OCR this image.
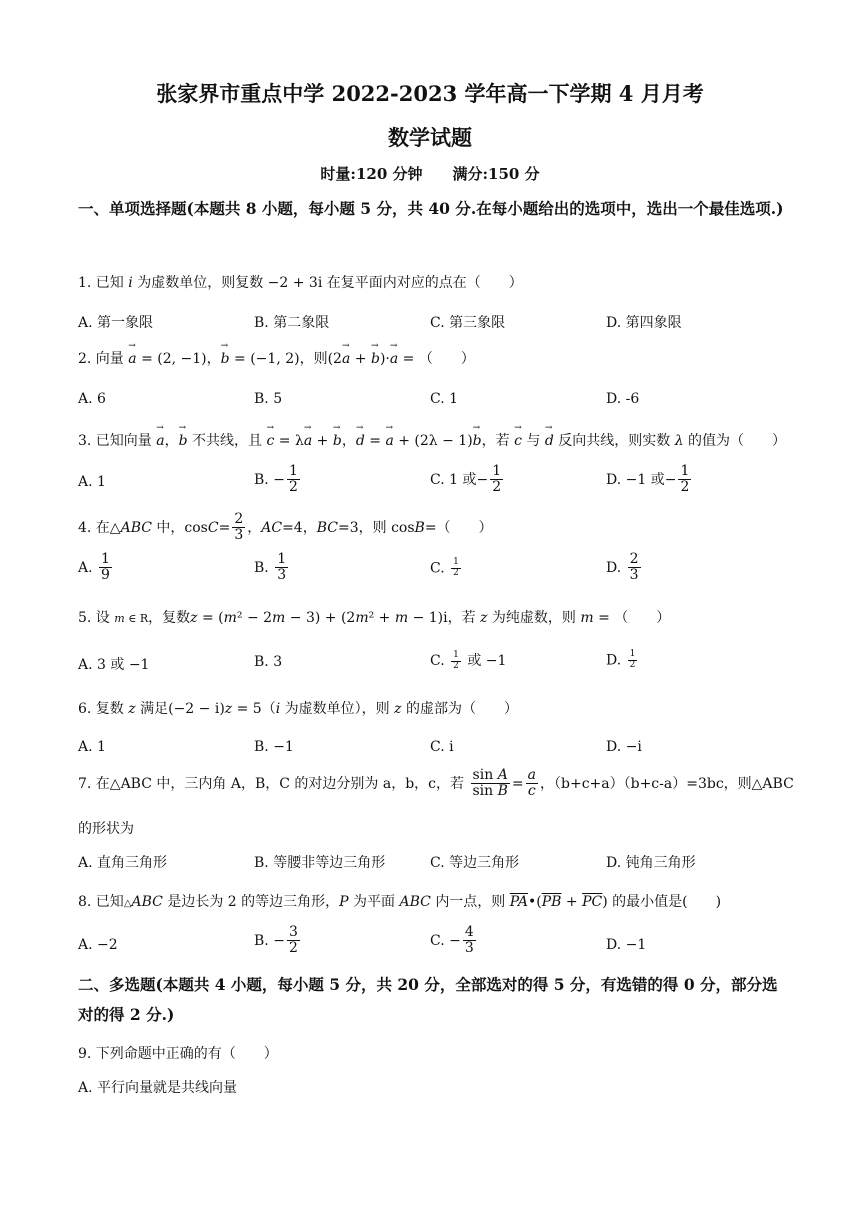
张家界市重点中学 2022-2023 学年高一下学期 4 月月考
数学试题
时量:120 分钟　　满分:150 分
一、单项选择题(本题共 8 小题，每小题 5 分，共 40 分.在每小题给出的选项中，选出一个最佳选项.)
1. 已知 i 为虚数单位，则复数 −2 + 3i 在复平面内对应的点在（　　）
A. 第一象限	B. 第二象限	C. 第三象限	D. 第四象限
2. 向量 → a = (2, −1)，→ b = (−1, 2)，则(2→ a + → b)·→ a = （　　）
A. 6	B. 5	C. 1	D. -6
3. 已知向量 → a，→ b 不共线，且 → c = λ→ a + → b，→ d = → a + (2λ − 1)→ b，若 → c 与 → d 反向共线，则实数 λ 的值为（　　）
A. 1	B. − $\frac{1}{2}$	C. 1 或− $\frac{1}{2}$	D. −1 或− $\frac{1}{2}$
4. 在△ABC 中，$\cos C= \frac{2}{3}$ ，AC=4，BC=3，则 cosB=（　　）
A. $\frac{1}{9}$	B. $\frac{1}{3}$	C. $\frac{1}{2}$	D. $\frac{2}{3}$
5. 设 m ∈ R，复数z = (m² − 2m − 3) + (2m² + m − 1)i，若 z 为纯虚数，则 m = （　　）
A. 3 或 −1	B. 3	C. $\frac{1}{2}$ 或 −1	D. $\frac{1}{2}$
6. 复数 z 满足(−2 − i)z = 5（i 为虚数单位），则 z 的虚部为（　　）
A. 1	B. −1	C. i	D. −i
7. 在△ABC 中，三内角 A，B，C 的对边分别为 a，b，c，若 $\frac{\text{sin A}}{\text{sin B}} = \frac{a}{c}$ ，（b+c+a）（b+c-a）=3bc，则△ABC
的形状为
A. 直角三角形	B. 等腰非等边三角形	C. 等边三角形	D. 钝角三角形
8. 已知△ABC 是边长为 2 的等边三角形，P 为平面 ABC 内一点，则 $\overline{PA}•(\overline{PB} + \overline{PC})$ 的最小值是(　　)
A. −2	B. − $\frac{3}{2}$	C. − $\frac{4}{3}$	D. −1
二、多选题(本题共 4 小题，每小题 5 分，共 20 分，全部选对的得 5 分，有选错的得 0 分，部分选对的得 2 分.)
9. 下列命题中正确的有（　　）
A. 平行向量就是共线向量
